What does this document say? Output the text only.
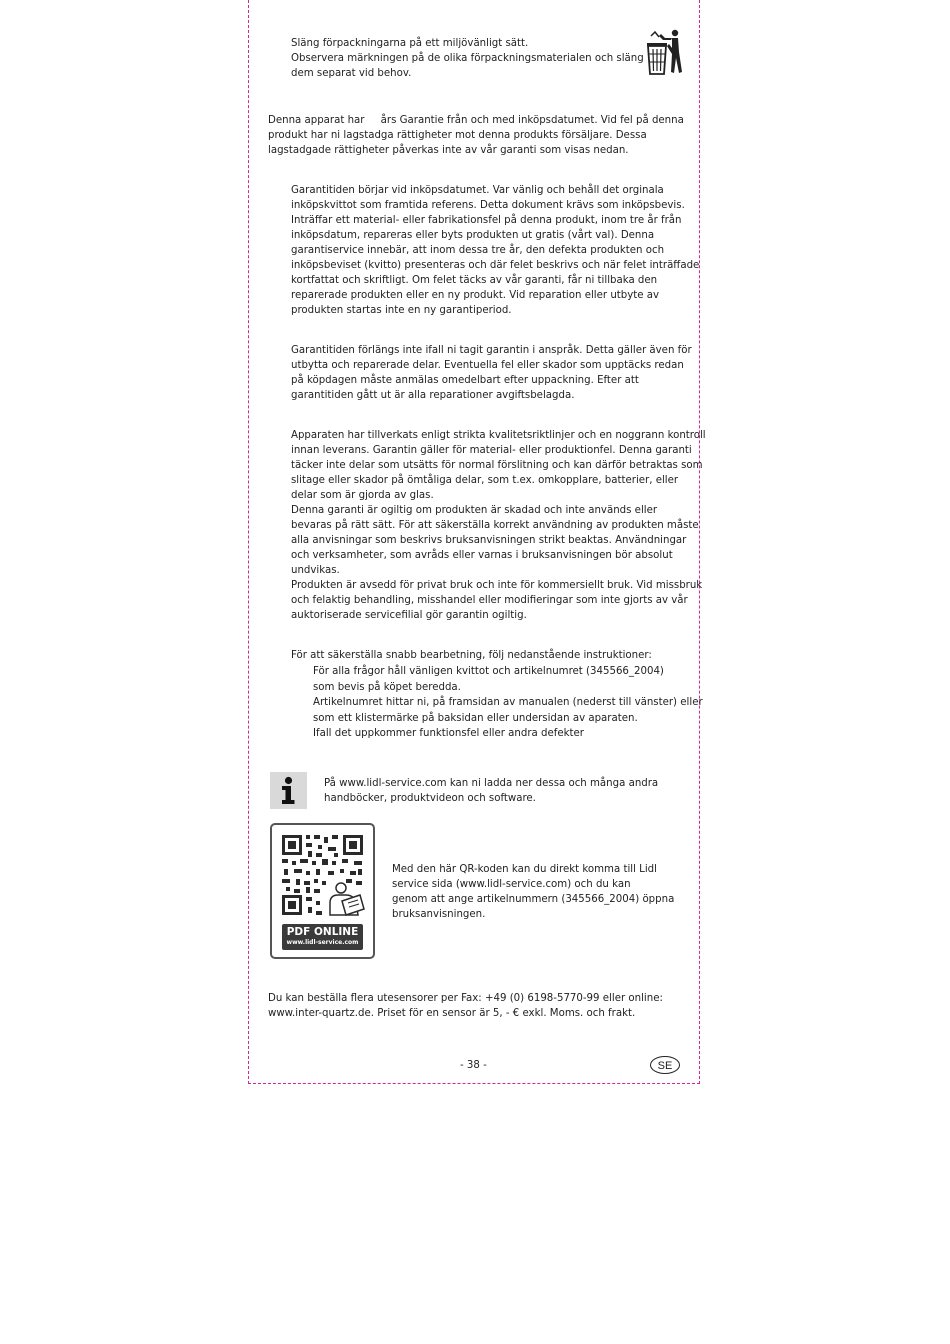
Släng förpackningarna på ett miljövänligt sätt.
Observera märkningen på de olika förpackningsmaterialen och släng
dem separat vid behov.
Denna apparat har     års Garantie från och med inköpsdatumet. Vid fel på denna
produkt har ni lagstadga rättigheter mot denna produkts försäljare. Dessa
lagstadgade rättigheter påverkas inte av vår garanti som visas nedan.
Garantitiden börjar vid inköpsdatumet. Var vänlig och behåll det orginala
inköpskvittot som framtida referens. Detta dokument krävs som inköpsbevis.
Inträffar ett material- eller fabrikationsfel på denna produkt, inom tre år från
inköpsdatum, repareras eller byts produkten ut gratis (vårt val). Denna
garantiservice innebär, att inom dessa tre år, den defekta produkten och
inköpsbeviset (kvitto) presenteras och där felet beskrivs och när felet inträffade
kortfattat och skriftligt. Om felet täcks av vår garanti, får ni tillbaka den
reparerade produkten eller en ny produkt. Vid reparation eller utbyte av
produkten startas inte en ny garantiperiod.
Garantitiden förlängs inte ifall ni tagit garantin i anspråk. Detta gäller även för
utbytta och reparerade delar. Eventuella fel eller skador som upptäcks redan
på köpdagen måste anmälas omedelbart efter uppackning. Efter att
garantitiden gått ut är alla reparationer avgiftsbelagda.
Apparaten har tillverkats enligt strikta kvalitetsriktlinjer och en noggrann kontroll
innan leverans. Garantin gäller för material- eller produktionfel. Denna garanti
täcker inte delar som utsätts för normal förslitning och kan därför betraktas som
slitage eller skador på ömtåliga delar, som t.ex. omkopplare, batterier, eller
delar som är gjorda av glas.
Denna garanti är ogiltig om produkten är skadad och inte används eller
bevaras på rätt sätt. För att säkerställa korrekt användning av produkten måste
alla anvisningar som beskrivs bruksanvisningen strikt beaktas. Användningar
och verksamheter, som avråds eller varnas i bruksanvisningen bör absolut
undvikas.
Produkten är avsedd för privat bruk och inte för kommersiellt bruk. Vid missbruk
och felaktig behandling, misshandel eller modifieringar som inte gjorts av vår
auktoriserade servicefilial gör garantin ogiltig.
För att säkerställa snabb bearbetning, följ nedanstående instruktioner:
För alla frågor håll vänligen kvittot och artikelnumret (345566_2004)
som bevis på köpet beredda.
Artikelnumret hittar ni, på framsidan av manualen (nederst till vänster) eller
som ett klistermärke på baksidan eller undersidan av aparaten.
Ifall det uppkommer funktionsfel eller andra defekter
På www.lidl-service.com kan ni ladda ner dessa och många andra
handböcker, produktvideon och software.
PDF ONLINE
www.lidl-service.com
Med den här QR-koden kan du direkt komma till Lidl
service sida (www.lidl-service.com) och du kan
genom att ange artikelnummern (345566_2004) öppna
bruksanvisningen.
Du kan beställa flera utesensorer per Fax: +49 (0) 6198-5770-99 eller online:
www.inter-quartz.de. Priset för en sensor är 5, - € exkl. Moms. och frakt.
- 38 -	SE
